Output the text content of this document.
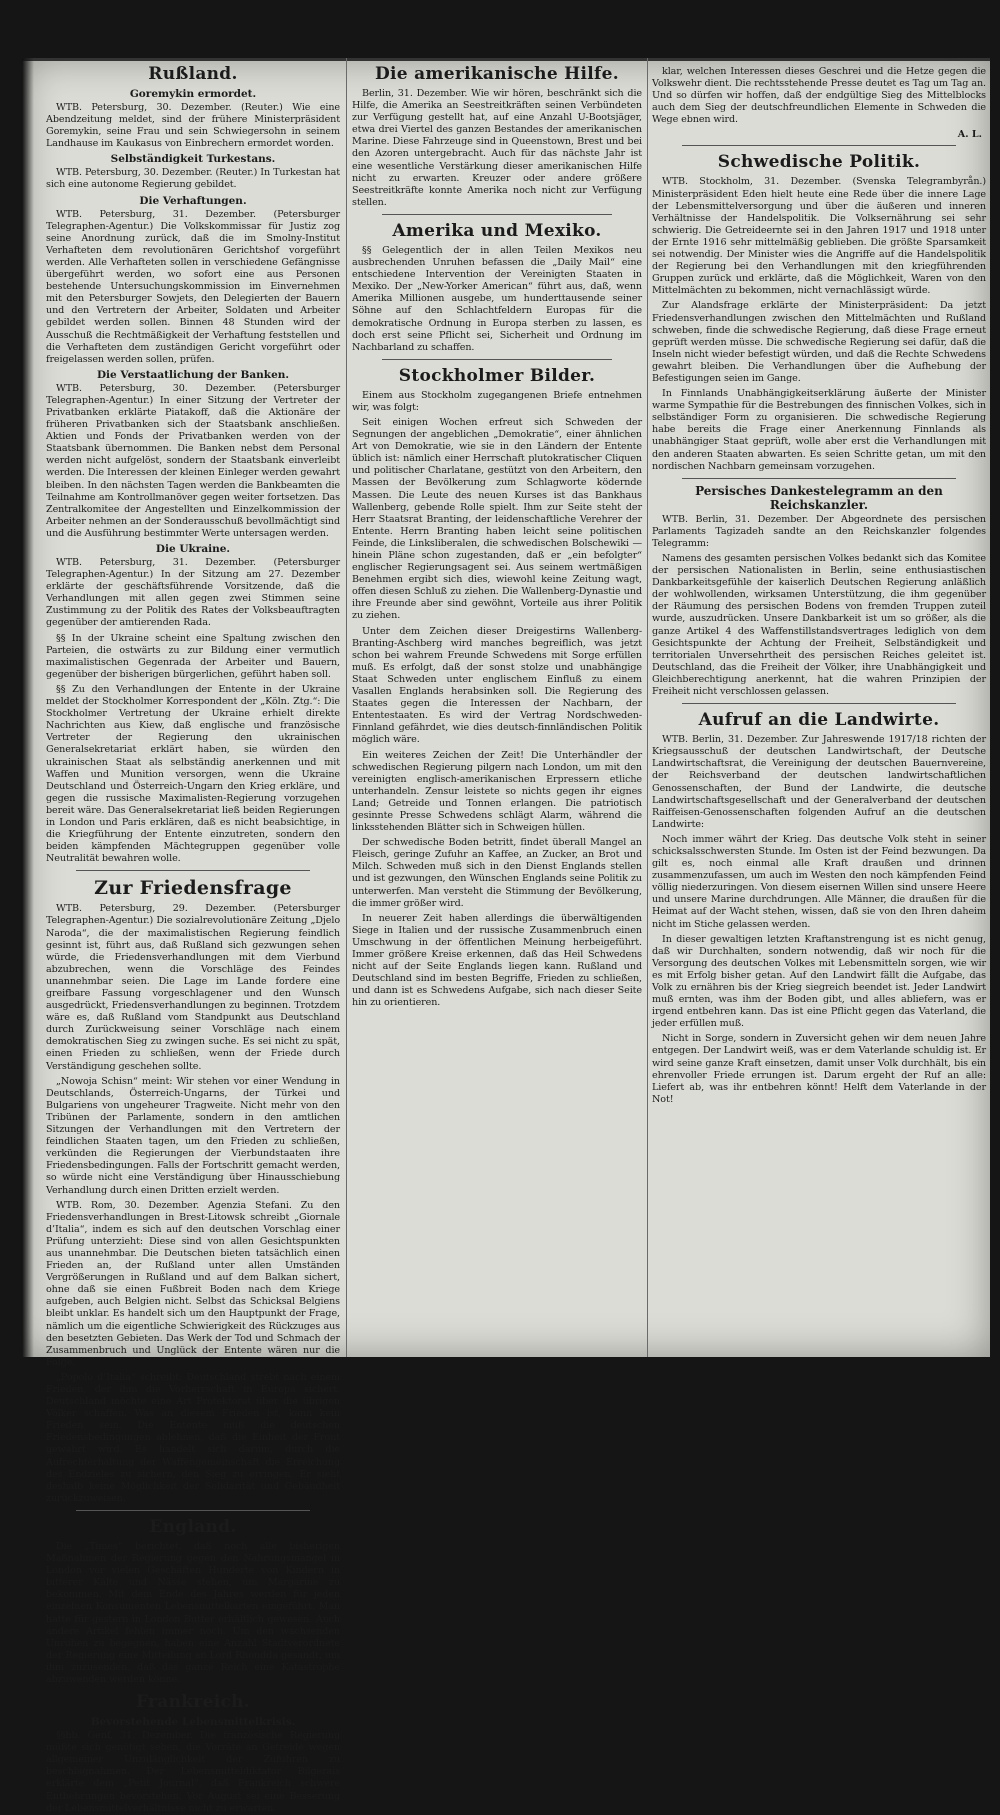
Rußland.
Goremykin ermordet.

WTB. Petersburg, 30. Dezember. (Reuter.) Wie eine Abendzeitung meldet, sind der frühere Ministerpräsident Goremykin, seine Frau und sein Schwiegersohn in seinem Landhause im Kaukasus von Einbrechern ermordet worden.

Selbständigkeit Turkestans.

WTB. Petersburg, 30. Dezember. (Reuter.) In Turkestan hat sich eine autonome Regierung gebildet.

Die Verhaftungen.

WTB. Petersburg, 31. Dezember. (Petersburger Telegraphen-Agentur.) Die Volkskommissar für Justiz zog seine Anordnung zurück, daß die im Smolny-Institut Verhafteten dem revolutionären Gerichtshof vorgeführt werden. Alle Verhafteten sollen in verschiedene Gefängnisse übergeführt werden, wo sofort eine aus Personen bestehende Untersuchungskommission im Einvernehmen mit den Petersburger Sowjets, den Delegierten der Bauern und den Vertretern der Arbeiter, Soldaten und Arbeiter gebildet werden sollen. Binnen 48 Stunden wird der Ausschuß die Rechtmäßigkeit der Verhaftung feststellen und die Verhafteten dem zuständigen Gericht vorgeführt oder freigelassen werden sollen, prüfen.

Die Verstaatlichung der Banken.

WTB. Petersburg, 30. Dezember. (Petersburger Telegraphen-Agentur.) In einer Sitzung der Vertreter der Privatbanken erklärte Piatakoff, daß die Aktionäre der früheren Privatbanken sich der Staatsbank anschließen. Aktien und Fonds der Privatbanken werden von der Staatsbank übernommen. Die Banken nebst dem Personal werden nicht aufgelöst, sondern der Staatsbank einverleibt werden. Die Interessen der kleinen Einleger werden gewahrt bleiben. In den nächsten Tagen werden die Bankbeamten die Teilnahme am Kontrollmanöver gegen weiter fortsetzen. Das Zentralkomitee der Angestellten und Einzelkommission der Arbeiter nehmen an der Sonderausschuß bevollmächtigt sind und die Ausführung bestimmter Werte untersagen werden.

Die Ukraine.

WTB. Petersburg, 31. Dezember. (Petersburger Telegraphen-Agentur.) In der Sitzung am 27. Dezember erklärte der geschäftsführende Vorsitzende, daß die Verhandlungen mit allen gegen zwei Stimmen seine Zustimmung zu der Politik des Rates der Volksbeauftragten gegenüber der amtierenden Rada.

§§ In der Ukraine scheint eine Spaltung zwischen den Parteien, die ostwärts zu zur Bildung einer vermutlich maximalistischen Gegenrada der Arbeiter und Bauern, gegenüber der bisherigen bürgerlichen, geführt haben soll.

§§ Zu den Verhandlungen der Entente in der Ukraine meldet der Stockholmer Korrespondent der „Köln. Ztg.“: Die Stockholmer Vertretung der Ukraine erhielt direkte Nachrichten aus Kiew, daß englische und französische Vertreter der Regierung den ukrainischen Generalsekretariat erklärt haben, sie würden den ukrainischen Staat als selbständig anerkennen und mit Waffen und Munition versorgen, wenn die Ukraine Deutschland und Österreich-Ungarn den Krieg erkläre, und gegen die russische Maximalisten-Regierung vorzugehen bereit wäre. Das Generalsekretariat ließ beiden Regierungen in London und Paris erklären, daß es nicht beabsichtige, in die Kriegführung der Entente einzutreten, sondern den beiden kämpfenden Mächtegruppen gegenüber volle Neutralität bewahren wolle.

Zur Friedensfrage

WTB. Petersburg, 29. Dezember. (Petersburger Telegraphen-Agentur.) Die sozialrevolutionäre Zeitung „Djelo Naroda“, die der maximalistischen Regierung feindlich gesinnt ist, führt aus, daß Rußland sich gezwungen sehen würde, die Friedensverhandlungen mit dem Vierbund abzubrechen, wenn die Vorschläge des Feindes unannehmbar seien. Die Lage im Lande fordere eine greifbare Fassung vorgeschlagener und den Wunsch ausgedrückt, Friedensverhandlungen zu beginnen. Trotzdem wäre es, daß Rußland vom Standpunkt aus Deutschland durch Zurückweisung seiner Vorschläge nach einem demokratischen Sieg zu zwingen suche. Es sei nicht zu spät, einen Frieden zu schließen, wenn der Friede durch Verständigung geschehen sollte.

„Nowoja Schisn“ meint: Wir stehen vor einer Wendung in Deutschlands, Österreich-Ungarns, der Türkei und Bulgariens von ungeheurer Tragweite. Nicht mehr von den Tribünen der Parlamente, sondern in den amtlichen Sitzungen der Verhandlungen mit den Vertretern der feindlichen Staaten tagen, um den Frieden zu schließen, verkünden die Regierungen der Vierbundstaaten ihre Friedensbedingungen. Falls der Fortschritt gemacht werden, so würde nicht eine Verständigung über Hinausschiebung Verhandlung durch einen Dritten erzielt werden.

WTB. Rom, 30. Dezember. Agenzia Stefani. Zu den Friedensverhandlungen in Brest-Litowsk schreibt „Giornale d’Italia“, indem es sich auf den deutschen Vorschlag einer Prüfung unterzieht: Diese sind von allen Gesichtspunkten aus unannehmbar. Die Deutschen bieten tatsächlich einen Frieden an, der Rußland unter allen Umständen Vergrößerungen in Rußland und auf dem Balkan sichert, ohne daß sie einen Fußbreit Boden nach dem Kriege aufgeben, auch Belgien nicht. Selbst das Schicksal Belgiens bleibt unklar. Es handelt sich um den Hauptpunkt der Frage, nämlich um die eigentliche Schwierigkeit des Rückzuges aus den besetzten Gebieten. Das Werk der Tod und Schmach der Zusammenbruch und Unglück der Entente wären nur die Folge.

„Popolo d’Italia“ schreibt: Deutschland strebt nach einem Frieden, der ihm die Vorherrschaft in Europa sichert. Deutschland möchte eine Art Protektorat über die übrigen Völker schaffen. Was an diesem Frieden ist, kann kein Frieden sein. Die Entente muß die deutschen Friedensbedingungen ablehnen, daß die Einheit der Front gewahrt wird. Es handelt sich darum, durch die Aufrechterhaltung der Waffengemeinschaft die Erreichung des Endzieles zu sichern, den Sieg zu erringen. Er sieht deshalb keine Möglichkeit der Solidarität und Gebäudheit zurückzuweisen.

England.

Die „Times“ berichtet, daß noch alle bisherigen Maßnahmen der Regierung gegen den Nahrungsmangel in London vor vielen Geschäften Hunderte von Kindern in bitterer Kälte und Nässe stehen, um Margarine zu bekommen. Mit dem Ende des Jahres werden für jeden einzelnen Konsumenten Lebensmittelkarten eingeführt. Man hatte für gestern in London Butter erhältlich gewesen. Auch andere Artikel fehlen immer noch. Um den wachsenden Unruhen zu begegnen, haben eine Anzahl Stadtverordnete der Regierung eine Mitteilung an Lord Rhondda gesandt, um ihm zuzusenden, daß das ganze Reich eine Katastrophe abzuwenden werden könne.

Frankreich.
Bevorstehende Lebensmittelkrisis.

§§hb. Genf, 31. Dezember. Die französische Regierung müßte sich genötigt sehen, die Vorräte an Getreide wegen allgemeiner Unzulänglichkeit der Zufuhren zu beschlagnahmen. Der Lebensmitteldiktator Bilgerais erklärte dem „Petit Journal“, daß Frankreich schwere Entbehrungen bevorstehen. Vor August sei eine Besserung der Lebensmittelverhältnisse nicht zu erwarten.

Die amerikanische Hilfe.

Berlin, 31. Dezember. Wie wir hören, beschränkt sich die Hilfe, die Amerika an Seestreitkräften seinen Verbündeten zur Verfügung gestellt hat, auf eine Anzahl U-Bootsjäger, etwa drei Viertel des ganzen Bestandes der amerikanischen Marine. Diese Fahrzeuge sind in Queenstown, Brest und bei den Azoren untergebracht. Auch für das nächste Jahr ist eine wesentliche Verstärkung dieser amerikanischen Hilfe nicht zu erwarten. Kreuzer oder andere größere Seestreitkräfte konnte Amerika noch nicht zur Verfügung stellen.

Amerika und Mexiko.

§§ Gelegentlich der in allen Teilen Mexikos neu ausbrechenden Unruhen befassen die „Daily Mail“ eine entschiedene Intervention der Vereinigten Staaten in Mexiko. Der „New-Yorker American“ führt aus, daß, wenn Amerika Millionen ausgebe, um hunderttausende seiner Söhne auf den Schlachtfeldern Europas für die demokratische Ordnung in Europa sterben zu lassen, es doch erst seine Pflicht sei, Sicherheit und Ordnung im Nachbarland zu schaffen.

Stockholmer Bilder.

Einem aus Stockholm zugegangenen Briefe entnehmen wir, was folgt:

Seit einigen Wochen erfreut sich Schweden der Segnungen der angeblichen „Demokratie“, einer ähnlichen Art von Demokratie, wie sie in den Ländern der Entente üblich ist: nämlich einer Herrschaft plutokratischer Cliquen und politischer Charlatane, gestützt von den Arbeitern, den Massen der Bevölkerung zum Schlagworte ködernde Massen. Die Leute des neuen Kurses ist das Bankhaus Wallenberg, gebende Rolle spielt. Ihm zur Seite steht der Herr Staatsrat Branting, der leidenschaftliche Verehrer der Entente. Herrn Branting haben leicht seine politischen Feinde, die Linksliberalen, die schwedischen Bolschewiki — hinein Pläne schon zugestanden, daß er „ein befolgter“ englischer Regierungsagent sei. Aus seinem wertmäßigen Benehmen ergibt sich dies, wiewohl keine Zeitung wagt, offen diesen Schluß zu ziehen. Die Wallenberg-Dynastie und ihre Freunde aber sind gewöhnt, Vorteile aus ihrer Politik zu ziehen.

Unter dem Zeichen dieser Dreigestirns Wallenberg-Branting-Aschberg wird manches begreiflich, was jetzt schon bei wahrem Freunde Schwedens mit Sorge erfüllen muß. Es erfolgt, daß der sonst stolze und unabhängige Staat Schweden unter englischem Einfluß zu einem Vasallen Englands herabsinken soll. Die Regierung des Staates gegen die Interessen der Nachbarn, der Ententestaaten. Es wird der Vertrag Nordschweden-Finnland gefährdet, wie dies deutsch-finnländischen Politik möglich wäre.

Ein weiteres Zeichen der Zeit! Die Unterhändler der schwedischen Regierung pilgern nach London, um mit den vereinigten englisch-amerikanischen Erpressern etliche unterhandeln. Zensur leistete so nichts gegen ihr eignes Land; Getreide und Tonnen erlangen. Die patriotisch gesinnte Presse Schwedens schlägt Alarm, während die linksstehenden Blätter sich in Schweigen hüllen.

Der schwedische Boden betritt, findet überall Mangel an Fleisch, geringe Zufuhr an Kaffee, an Zucker, an Brot und Milch. Schweden muß sich in den Dienst Englands stellen und ist gezwungen, den Wünschen Englands seine Politik zu unterwerfen. Man versteht die Stimmung der Bevölkerung, die immer größer wird.

In neuerer Zeit haben allerdings die überwältigenden Siege in Italien und der russische Zusammenbruch einen Umschwung in der öffentlichen Meinung herbeigeführt. Immer größere Kreise erkennen, daß das Heil Schwedens nicht auf der Seite Englands liegen kann. Rußland und Deutschland sind im besten Begriffe, Frieden zu schließen, und dann ist es Schwedens Aufgabe, sich nach dieser Seite hin zu orientieren.

klar, welchen Interessen dieses Geschrei und die Hetze gegen die Volkswehr dient. Die rechtsstehende Presse deutet es Tag um Tag an. Und so dürfen wir hoffen, daß der endgültige Sieg des Mittelblocks auch dem Sieg der deutschfreundlichen Elemente in Schweden die Wege ebnen wird.

A. L.
Schwedische Politik.

WTB. Stockholm, 31. Dezember. (Svenska Telegrambyrån.) Ministerpräsident Eden hielt heute eine Rede über die innere Lage der Lebensmittelversorgung und über die äußeren und inneren Verhältnisse der Handelspolitik. Die Volksernährung sei sehr schwierig. Die Getreideernte sei in den Jahren 1917 und 1918 unter der Ernte 1916 sehr mittelmäßig geblieben. Die größte Sparsamkeit sei notwendig. Der Minister wies die Angriffe auf die Handelspolitik der Regierung bei den Verhandlungen mit den kriegführenden Gruppen zurück und erklärte, daß die Möglichkeit, Waren von den Mittelmächten zu bekommen, nicht vernachlässigt würde.

Zur Alandsfrage erklärte der Ministerpräsident: Da jetzt Friedensverhandlungen zwischen den Mittelmächten und Rußland schweben, finde die schwedische Regierung, daß diese Frage erneut geprüft werden müsse. Die schwedische Regierung sei dafür, daß die Inseln nicht wieder befestigt würden, und daß die Rechte Schwedens gewahrt bleiben. Die Verhandlungen über die Aufhebung der Befestigungen seien im Gange.

In Finnlands Unabhängigkeitserklärung äußerte der Minister warme Sympathie für die Bestrebungen des finnischen Volkes, sich in selbständiger Form zu organisieren. Die schwedische Regierung habe bereits die Frage einer Anerkennung Finnlands als unabhängiger Staat geprüft, wolle aber erst die Verhandlungen mit den anderen Staaten abwarten. Es seien Schritte getan, um mit den nordischen Nachbarn gemeinsam vorzugehen.

Persisches Dankestelegramm an den Reichskanzler.

WTB. Berlin, 31. Dezember. Der Abgeordnete des persischen Parlaments Tagizadeh sandte an den Reichskanzler folgendes Telegramm:

Namens des gesamten persischen Volkes bedankt sich das Komitee der persischen Nationalisten in Berlin, seine enthusiastischen Dankbarkeitsgefühle der kaiserlich Deutschen Regierung anläßlich der wohlwollenden, wirksamen Unterstützung, die ihm gegenüber der Räumung des persischen Bodens von fremden Truppen zuteil wurde, auszudrücken. Unsere Dankbarkeit ist um so größer, als die ganze Artikel 4 des Waffenstillstandsvertrages lediglich von dem Gesichtspunkte der Achtung der Freiheit, Selbständigkeit und territorialen Unversehrtheit des persischen Reiches geleitet ist. Deutschland, das die Freiheit der Völker, ihre Unabhängigkeit und Gleichberechtigung anerkennt, hat die wahren Prinzipien der Freiheit nicht verschlossen gelassen.

Aufruf an die Landwirte.

WTB. Berlin, 31. Dezember. Zur Jahreswende 1917/18 richten der Kriegsausschuß der deutschen Landwirtschaft, der Deutsche Landwirtschaftsrat, die Vereinigung der deutschen Bauernvereine, der Reichsverband der deutschen landwirtschaftlichen Genossenschaften, der Bund der Landwirte, die deutsche Landwirtschaftsgesellschaft und der Generalverband der deutschen Raiffeisen-Genossenschaften folgenden Aufruf an die deutschen Landwirte:

Noch immer währt der Krieg. Das deutsche Volk steht in seiner schicksalsschwersten Stunde. Im Osten ist der Feind bezwungen. Da gilt es, noch einmal alle Kraft draußen und drinnen zusammenzufassen, um auch im Westen den noch kämpfenden Feind völlig niederzuringen. Von diesem eisernen Willen sind unsere Heere und unsere Marine durchdrungen. Alle Männer, die draußen für die Heimat auf der Wacht stehen, wissen, daß sie von den Ihren daheim nicht im Stiche gelassen werden.

In dieser gewaltigen letzten Kraftanstrengung ist es nicht genug, daß wir Durchhalten, sondern notwendig, daß wir noch für die Versorgung des deutschen Volkes mit Lebensmitteln sorgen, wie wir es mit Erfolg bisher getan. Auf den Landwirt fällt die Aufgabe, das Volk zu ernähren bis der Krieg siegreich beendet ist. Jeder Landwirt muß ernten, was ihm der Boden gibt, und alles abliefern, was er irgend entbehren kann. Das ist eine Pflicht gegen das Vaterland, die jeder erfüllen muß.

Nicht in Sorge, sondern in Zuversicht gehen wir dem neuen Jahre entgegen. Der Landwirt weiß, was er dem Vaterlande schuldig ist. Er wird seine ganze Kraft einsetzen, damit unser Volk durchhält, bis ein ehrenvoller Friede errungen ist. Darum ergeht der Ruf an alle: Liefert ab, was ihr entbehren könnt! Helft dem Vaterlande in der Not!
